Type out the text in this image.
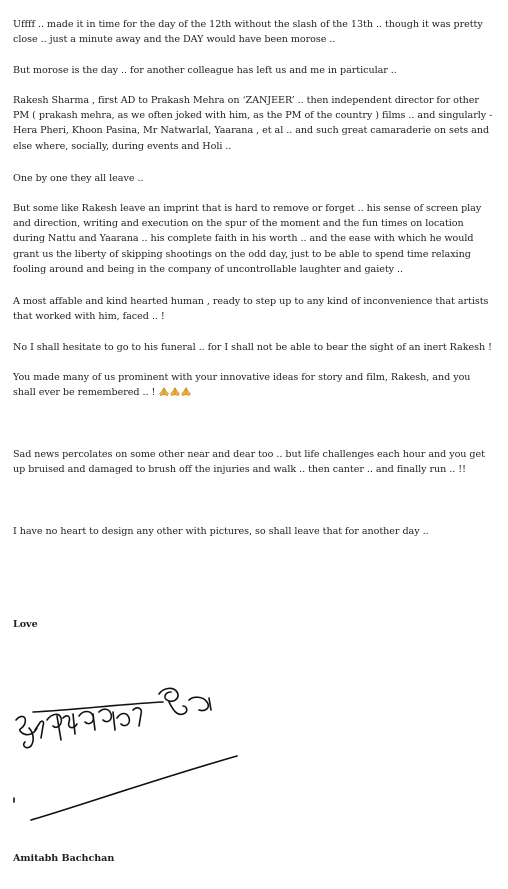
Uffff .. made it in time for the day of the 12th without the slash of the 13th .. though it was pretty close .. just a minute away and the DAY would have been morose ..

But morose is the day .. for another colleague has left us and me in particular ..

Rakesh Sharma , first AD to Prakash Mehra on ‘ZANJEER’ .. then independent director for other PM ( prakash mehra, as we often joked with him, as the PM of the country ) films .. and singularly - Hera Pheri, Khoon Pasina, Mr Natwarlal, Yaarana , et al .. and such great camaraderie on sets and else where, socially, during events and Holi ..

One by one they all leave ..

But some like Rakesh leave an imprint that is hard to remove or forget .. his sense of screen play and direction, writing and execution on the spur of the moment and the fun times on location during Nattu and Yaarana .. his complete faith in his worth .. and the ease with which he would grant us the liberty of skipping shootings on the odd day, just to be able to spend time relaxing fooling around and being in the company of uncontrollable laughter and gaiety ..

A most affable and kind hearted human , ready to step up to any kind of inconvenience that artists that worked with him, faced .. !

No I shall hesitate to go to his funeral .. for I shall not be able to bear the sight of an inert Rakesh !

You made many of us prominent with your innovative ideas for story and film, Rakesh, and you shall ever be remembered .. !

Sad news percolates on some other near and dear too .. but life challenges each hour and you get up bruised and damaged to brush off the injuries and walk .. then canter .. and finally run .. !!

I have no heart to design any other with pictures, so shall leave that for another day ..

Love

Amitabh Bachchan
